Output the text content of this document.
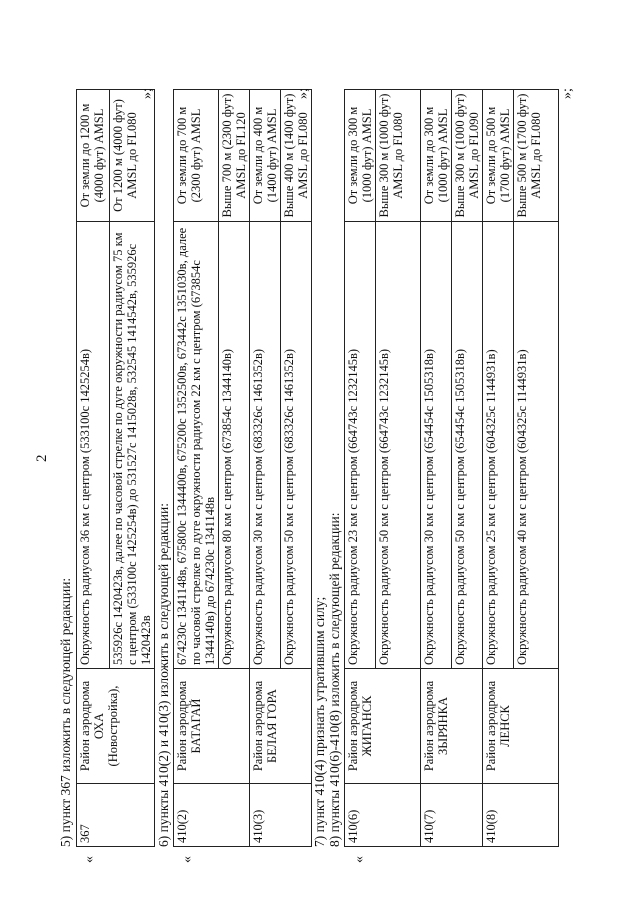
2
5) пункт 367 изложить в следующей редакции:
«
367	Район аэродрома ОХА (Новостройка),	Окружность радиусом 36 км с центром (533100с 1425254в)	От земли до 1200 м (4000 фут) AMSL
		535926с 1420423в, далее по часовой стрелке по дуге окружности радиусом 75 км с центром (533100с 1425254в) до 531527с 1415028в, 532545 1414542в, 535926с 1420423в	От 1200 м (4000 фут) AMSL до FL080
»;
6) пункты 410(2) и 410(3) изложить в следующей редакции:
«
410(2)	Район аэродрома БАТАГАЙ	674230с 1341148в, 675800с 1344400в, 675200с 1352500в, 673442с 1351030в, далее по часовой стрелке по дуге окружности радиусом 22 км с центром (673854с 1344140в) до 674230с 1341148в	От земли до 700 м (2300 фут) AMSL
		Окружность радиусом 80 км с центром (673854с 1344140в)	Выше 700 м (2300 фут) AMSL до FL120
410(3)	Район аэродрома БЕЛАЯ ГОРА	Окружность радиусом 30 км с центром (683326с 1461352в)	От земли до 400 м (1400 фут) AMSL
		Окружность радиусом 50 км с центром (683326с 1461352в)	Выше 400 м (1400 фут) AMSL до FL080
»;
7) пункт 410(4) признать утратившим силу; 8) пункты 410(6)-410(8) изложить в следующей редакции:
«
410(6)	Район аэродрома ЖИГАНСК	Окружность радиусом 23 км с центром (664743с 1232145в)	От земли до 300 м (1000 фут) AMSL
		Окружность радиусом 50 км с центром (664743с 1232145в)	Выше 300 м (1000 фут) AMSL до FL080
410(7)	Район аэродрома ЗЫРЯНКА	Окружность радиусом 30 км с центром (654454с 1505318в)	От земли до 300 м (1000 фут) AMSL
		Окружность радиусом 50 км с центром (654454с 1505318в)	Выше 300 м (1000 фут) AMSL до FL090
410(8)	Район аэродрома ЛЕНСК	Окружность радиусом 25 км с центром (604325с 1144931в)	От земли до 500 м (1700 фут) AMSL
		Окружность радиусом 40 км с центром (604325с 1144931в)	Выше 500 м (1700 фут) AMSL до FL080
»;
